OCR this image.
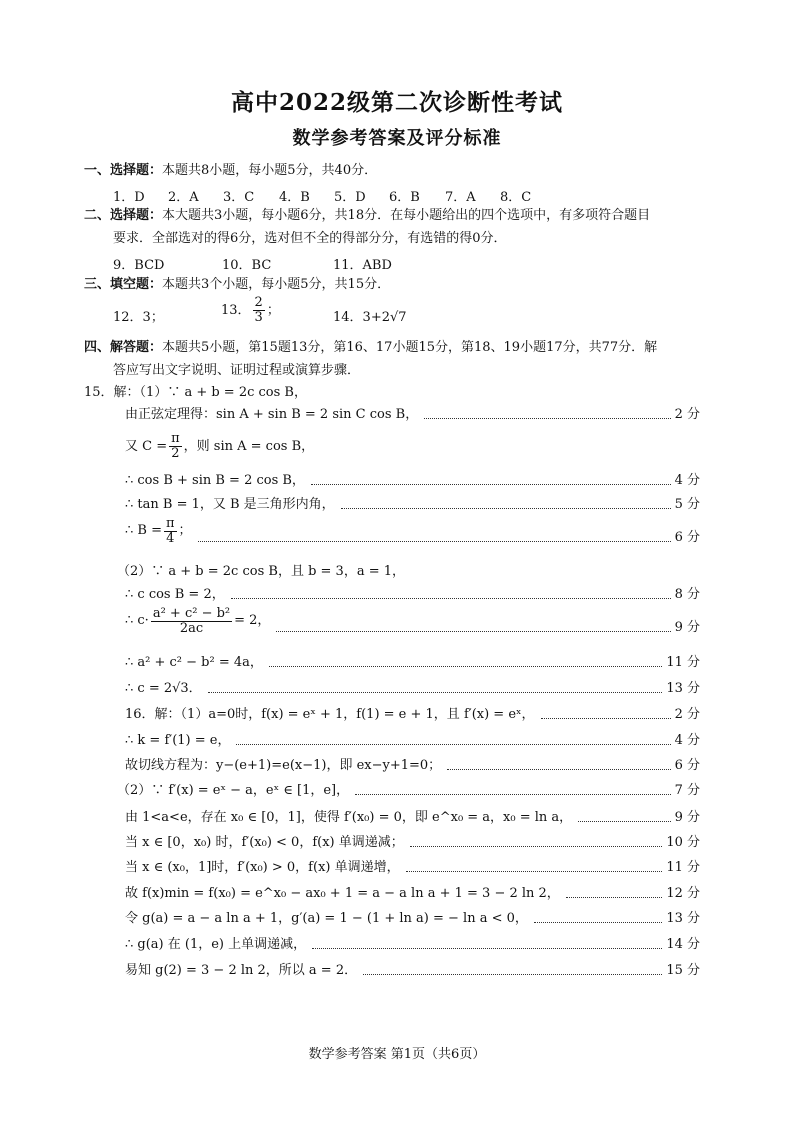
高中2022级第二次诊断性考试
数学参考答案及评分标准
一、选择题：本题共8小题，每小题5分，共40分．
1．D 2．A 3．C 4．B 5．D 6．B 7．A 8．C
二、选择题：本大题共3小题，每小题6分，共18分．在每小题给出的四个选项中，有多项符合题目
要求．全部选对的得6分，选对但不全的得部分分，有选错的得0分．
9．BCD	10．BC	11．ABD
三、填空题：本题共3个小题，每小题5分，共15分．
12．3；	13． $\frac{2}{3}$ ；	14．3+2√7
四、解答题：本题共5小题，第15题13分，第16、17小题15分，第18、19小题17分，共77分．解
答应写出文字说明、证明过程或演算步骤．
15．解：（1）∵ a + b = 2c cos B，
由正弦定理得：sin A + sin B = 2 sin C cos B，	2 分
又 $C = \frac{\pi}{2}$ ，则 sin A = cos B，
∴ cos B + sin B = 2 cos B，	4 分
∴ tan B = 1，又 B 是三角形内角，	5 分
∴ $B = \frac{\pi}{4}$ ；	6 分
（2）∵ a + b = 2c cos B，且 b = 3，a = 1，
∴ c cos B = 2，	8 分
∴ $c\cdot \frac{\text{a² + c² − b²}}{2ac} = 2$，	9 分
∴ a² + c² − b² = 4a，	11 分
∴ c = 2√3．	13 分
16．解：（1）a=0时，f(x) = eˣ + 1，f(1) = e + 1，且 f′(x) = eˣ，	2 分
∴ k = f′(1) = e，	4 分
故切线方程为：y−(e+1)=e(x−1)，即 ex−y+1=0；	6 分
（2）∵ f′(x) = eˣ − a，eˣ ∈ [1，e]，	7 分
由 1<a<e，存在 x₀ ∈ [0，1]，使得 f′(x₀) = 0，即 e^x₀ = a，x₀ = ln a，	9 分
当 x ∈ [0，x₀) 时，f′(x₀) < 0，f(x) 单调递减；	10 分
当 x ∈ (x₀，1]时，f′(x₀) > 0，f(x) 单调递增，	11 分
故 f(x)min = f(x₀) = e^x₀ − ax₀ + 1 = a − a ln a + 1 = 3 − 2 ln 2，	12 分
令 g(a) = a − a ln a + 1，g′(a) = 1 − (1 + ln a) = − ln a < 0，	13 分
∴ g(a) 在 (1，e) 上单调递减，	14 分
易知 g(2) = 3 − 2 ln 2，所以 a = 2．	15 分
数学参考答案 第1页（共6页）
